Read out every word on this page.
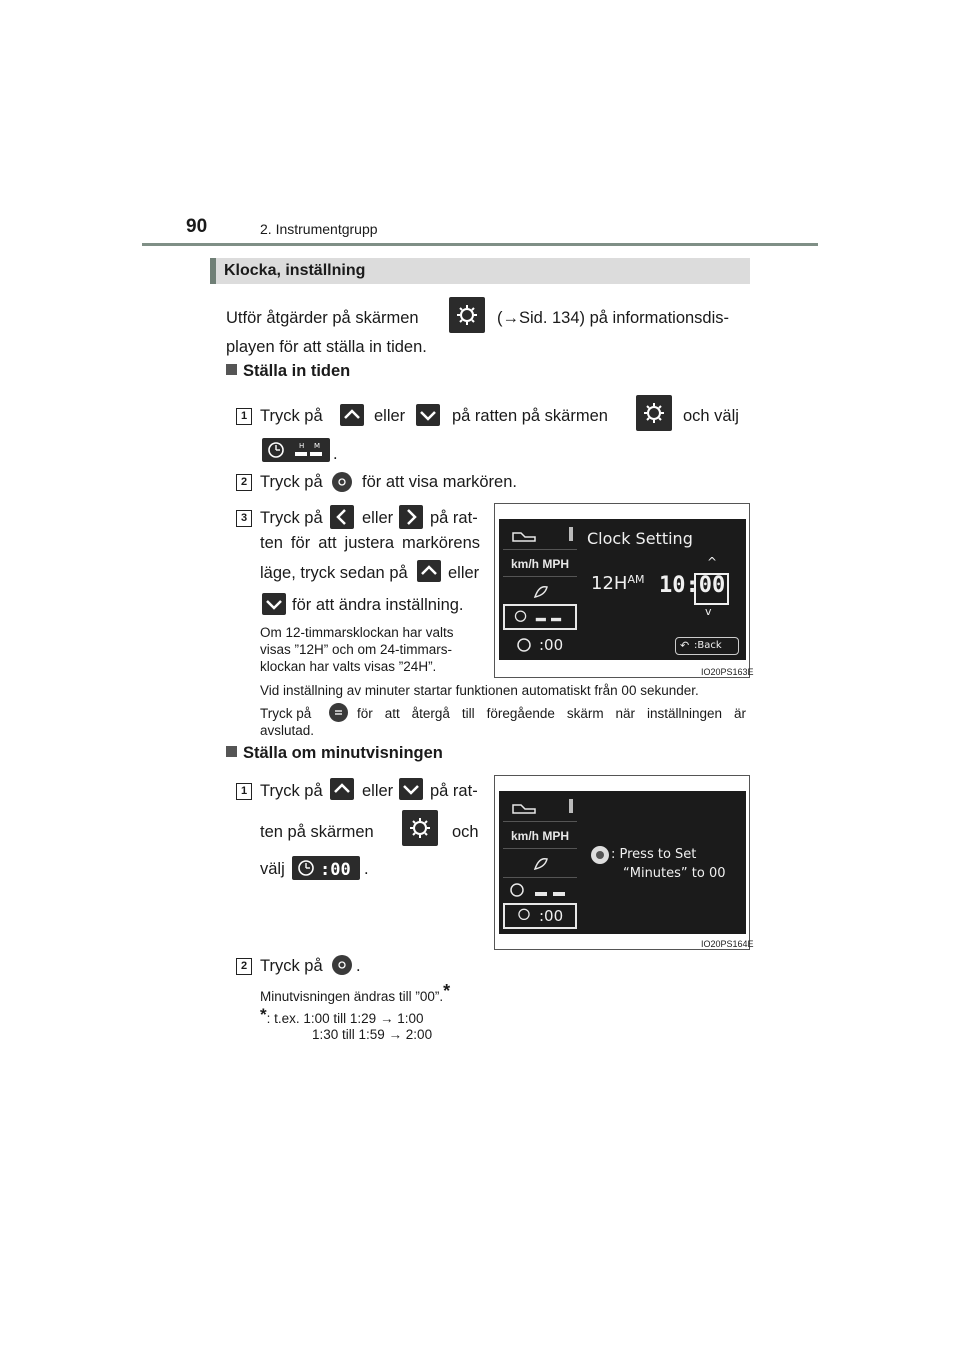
90	2. Instrumentgrupp
Klocka, inställning
Utför åtgärder på skärmen	(→Sid. 134) på informationsdis-
playen för att ställa in tiden.
Ställa in tiden
1 Tryck på	eller	på ratten på skärmen	och välj
H M .
2 Tryck på för att visa markören.
3 Tryck på eller på rat-
ten för att justera markörens
läge, tryck sedan på eller
för att ändra inställning.
Om 12-timmarsklockan har valts
visas ”12H” och om 24-timmars-
klockan har valts visas ”24H”.
km/h MPH
:00
Clock Setting
^
$12H^{AM}$ 10:00
v
↶ :Back
IO20PS163E
Vid inställning av minuter startar funktionen automatiskt från 00 sekunder.
Tryck på	för att återgå till föregående skärm när inställningen är
avslutad.
Ställa om minutvisningen
1 Tryck på eller på rat-
ten på skärmen	och
välj :00 .
km/h MPH
:00
: Press to Set
“Minutes” to 00
IO20PS164E
2 Tryck på .
Minutvisningen ändras till ”00”.*
*: t.ex. 1:00 till 1:29 → 1:00
1:30 till 1:59 → 2:00
